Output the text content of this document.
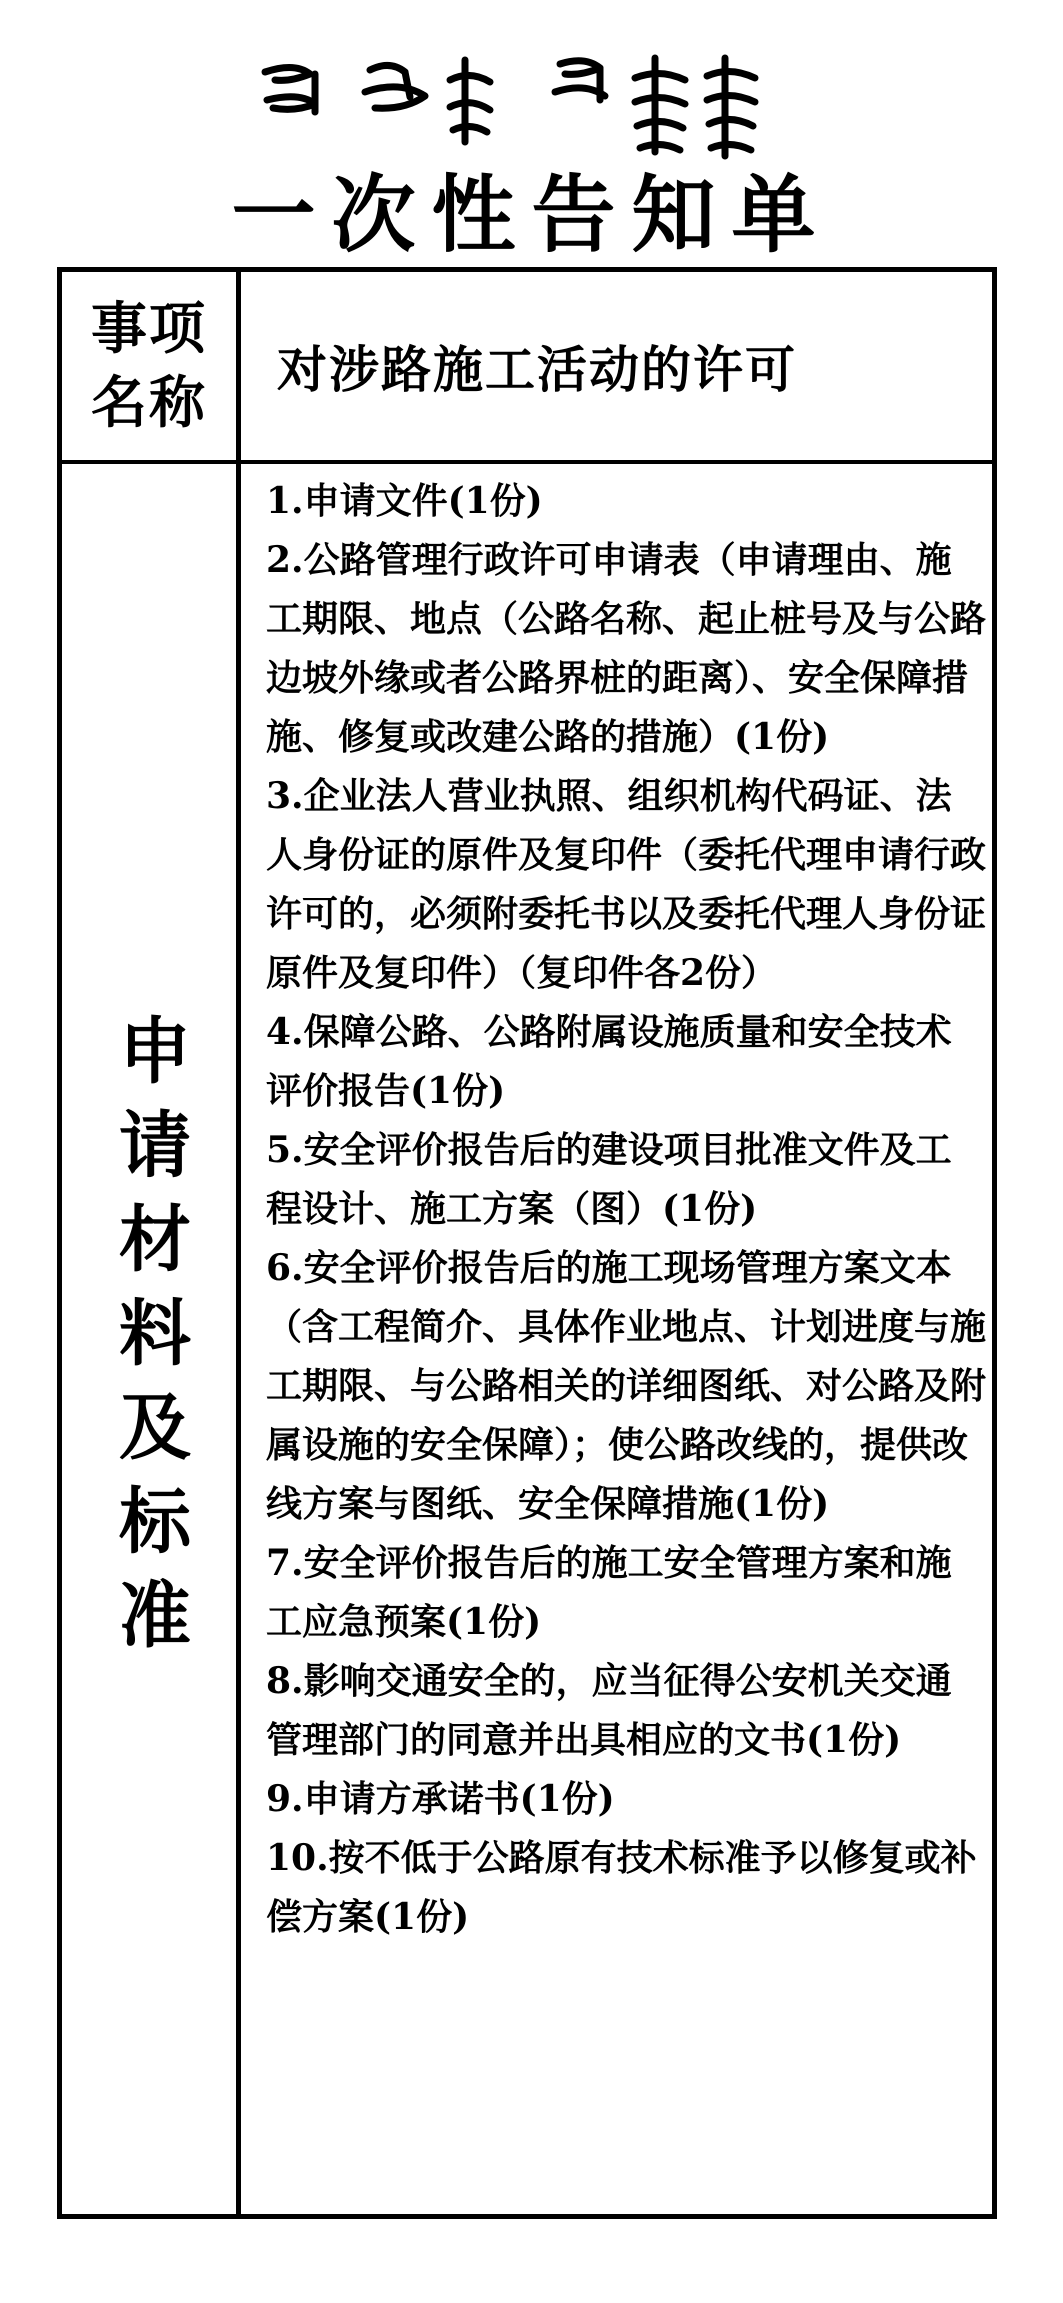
一次性告知单
事项
名称
对涉路施工活动的许可
申请材料及标准
1.申请文件(1份)
2.公路管理行政许可申请表（申请理由、施工期限、地点（公路名称、起止桩号及与公路边坡外缘或者公路界桩的距离）、安全保障措施、修复或改建公路的措施）(1份)
3.企业法人营业执照、组织机构代码证、法人身份证的原件及复印件（委托代理申请行政许可的，必须附委托书以及委托代理人身份证原件及复印件）（复印件各2份）
4.保障公路、公路附属设施质量和安全技术评价报告(1份)
5.安全评价报告后的建设项目批准文件及工程设计、施工方案（图）(1份)
6.安全评价报告后的施工现场管理方案文本（含工程简介、具体作业地点、计划进度与施工期限、与公路相关的详细图纸、对公路及附属设施的安全保障）；使公路改线的，提供改线方案与图纸、安全保障措施(1份)
7.安全评价报告后的施工安全管理方案和施工应急预案(1份)
8.影响交通安全的，应当征得公安机关交通管理部门的同意并出具相应的文书(1份)
9.申请方承诺书(1份)
10.按不低于公路原有技术标准予以修复或补偿方案(1份)
